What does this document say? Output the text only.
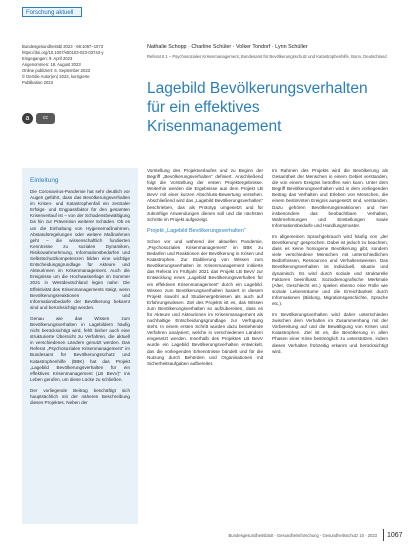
Forschung aktuell
Bundesgesundheitsbl 2023 · 66:1067–1073
https://doi.org/10.1007/s00103-023-03743-y
Eingegangen: 9. April 2023
Angenommen: 18. August 2023
Online publiziert: 6. September 2023
© Der/die Autor(en) 2023, korrigierte
Publikation 2023
a	cc
Nathalie Schopp · Charline Schüler · Volker Tondorf · Lynn Schüller
Referat II.1 – Psychosoziales Krisenmanagement, Bundesamt für Bevölkerungsschutz und Katastrophenhilfe, Bonn, Deutschland
Lagebild Bevölkerungsverhalten für ein effektives Krisenmanagement
Einleitung

Die Coronavirus-Pandemie hat sehr deutlich vor Augen geführt, dass das Bevölkerungsverhalten im Krisen- und Katastrophenfall ein zentraler Erfolgs- und Engpassfaktor für den gesamten Krisenverlauf ist – von der Schadensbewältigung bis hin zur Prävention weiterer Schäden. Ob es um die Einhaltung von Hygienemaßnahmen, Abstandsregelungen oder weitere Maßnahmen geht – die wissenschaftlich fundierten Kenntnisse zu sozialen Dynamiken, Risikowahrnehmung, Informationsbedarfen und Selbstschutzkompetenzen bilden eine wichtige Entscheidungsgrundlage für Akteure und Akteurinnen im Krisenmanagement. Auch die Ereignisse um die Hochwasserlage im Sommer 2021 in Westdeutschland legen nahe: Die Effektivität des Krisenmanagements steigt, wenn Bevölkerungsreaktionen und Informationsbedarfe der Bevölkerung bekannt sind und berücksichtigt werden.

Genau wie das Wissen zum Bevölkerungsverhalten in Lagebildern häufig nicht berücksichtigt wird, fehlt bisher auch eine strukturierte Übersicht zu Verfahren, die aktuell in verschiedenen Ländern genutzt werden. Das Referat „Psychosoziales Krisenmanagement“ im Bundesamt für Bevölkerungsschutz und Katastrophenhilfe (BBK) hat das Projekt „Lagebild Bevölkerungsverhalten für ein effektives Krisenmanagement (LB BevV)“ ins Leben gerufen, um diese Lücke zu schließen.

Der vorliegende Beitrag beschäftigt sich hauptsächlich mit der näheren Beschreibung dieses Projektes. Neben der

Vorstellung des Projektverlaufes und zu Beginn der Begriff „Bevölkerungsverhalten“ definiert. Anschließend folgt die Vorstellung der ersten Projektergebnisse. Weiterhin werden die Ergebnisse aus dem Projekt LB BevV mit einer kurzen Abschluss-Bewertung versehen. Abschließend wird das „Lagebild Bevölkerungsverhalten“ beschrieben, das als Prototyp umgesetzt und für zukünftige Anwendungen dienen soll und die nächsten Schritte im Projekt aufgezeigt.

Projekt „Lagebild Bevölkerungsverhalten“

Schon vor und während der aktuellen Pandemie, „Psychosoziales Krisenmanagement“ im BBK zu Bedarfen und Reaktionen der Bevölkerung in Krisen und Katastrophen. Zur Etablierung von Wissen zum Bevölkerungsverhalten im Krisenmanagement initiierte das Referat im Frühjahr 2021 das Projekt LB BevV zur Entwicklung eines „Lagebild Bevölkerungsverhalten für ein effektives Krisenmanagement“ durch ein Lagebild. Wissen zum Bevölkerungsverhalten basiert in diesem Projekt sowohl auf Studienergebnissen als auch auf Erfahrungswissen. Ziel des Projekts ist es, das Wissen zum Bevölkerungsverhalten so aufzubereiten, dass es für Akteure und Akteurinnen im Krisenmanagement als nachhaltige Entscheidungsgrundlage zur Verfügung steht. In einem ersten Schritt wurden dazu bestehende Verfahren analysiert, welche in verschiedenen Ländern eingesetzt werden. Innerhalb des Projektes LB BevV wurde ein Lagebild Bevölkerungsverhalten entwickelt, das die vorliegenden Erkenntnisse bündelt und für die Nutzung durch Behörden und Organisationen mit Sicherheitsaufgaben aufbereitet.

Im Rahmen des Projekts wird die Bevölkerung als Gesamtheit der Menschen in einem Gebiet verstanden, die von einem Ereignis betroffen sein kann. Unter dem Begriff Bevölkerungsverhalten wird in dem vorliegenden Beitrag das Verhalten und Erleben von Menschen, die einem bestimmten Ereignis ausgesetzt sind, verstanden. Dazu gehören Bevölkerungsreaktionen und hier insbesondere das beobachtbare Verhalten, Wahrnehmungen und Einstellungen sowie Informationsbedarfe und Handlungsmuster.

Im allgemeinen Sprachgebrauch wird häufig von „der Bevölkerung“ gesprochen. Dabei ist jedoch zu beachten, dass es keine homogene Bevölkerung gibt, sondern viele verschiedene Menschen mit unterschiedlichen Bedürfnissen, Ressourcen und Verhaltensweisen. Das Bevölkerungsverhalten ist individuell, situativ und dynamisch. Es wird durch soziale und strukturelle Faktoren beeinflusst. Soziodemografische Merkmale (Alter, Geschlecht etc.) spielen ebenso eine Rolle wie soziale Lebensräume und die Erreichbarkeit durch Informationen (Bildung, Migrationsgeschichte, Sprache etc.).

Im Bevölkerungsverhalten wird daher unterschieden zwischen dem Verhalten im Zusammenhang mit der Vorbereitung auf und die Bewältigung von Krisen und Katastrophen. Ziel ist es, die Bevölkerung in allen Phasen einer Krise bestmöglich zu unterstützen, indem dieses Verhalten frühzeitig erkannt und berücksichtigt wird.

Bundesgesundheitsblatt - Gesundheitsforschung - Gesundheitsschutz 10 · 2023 1067
